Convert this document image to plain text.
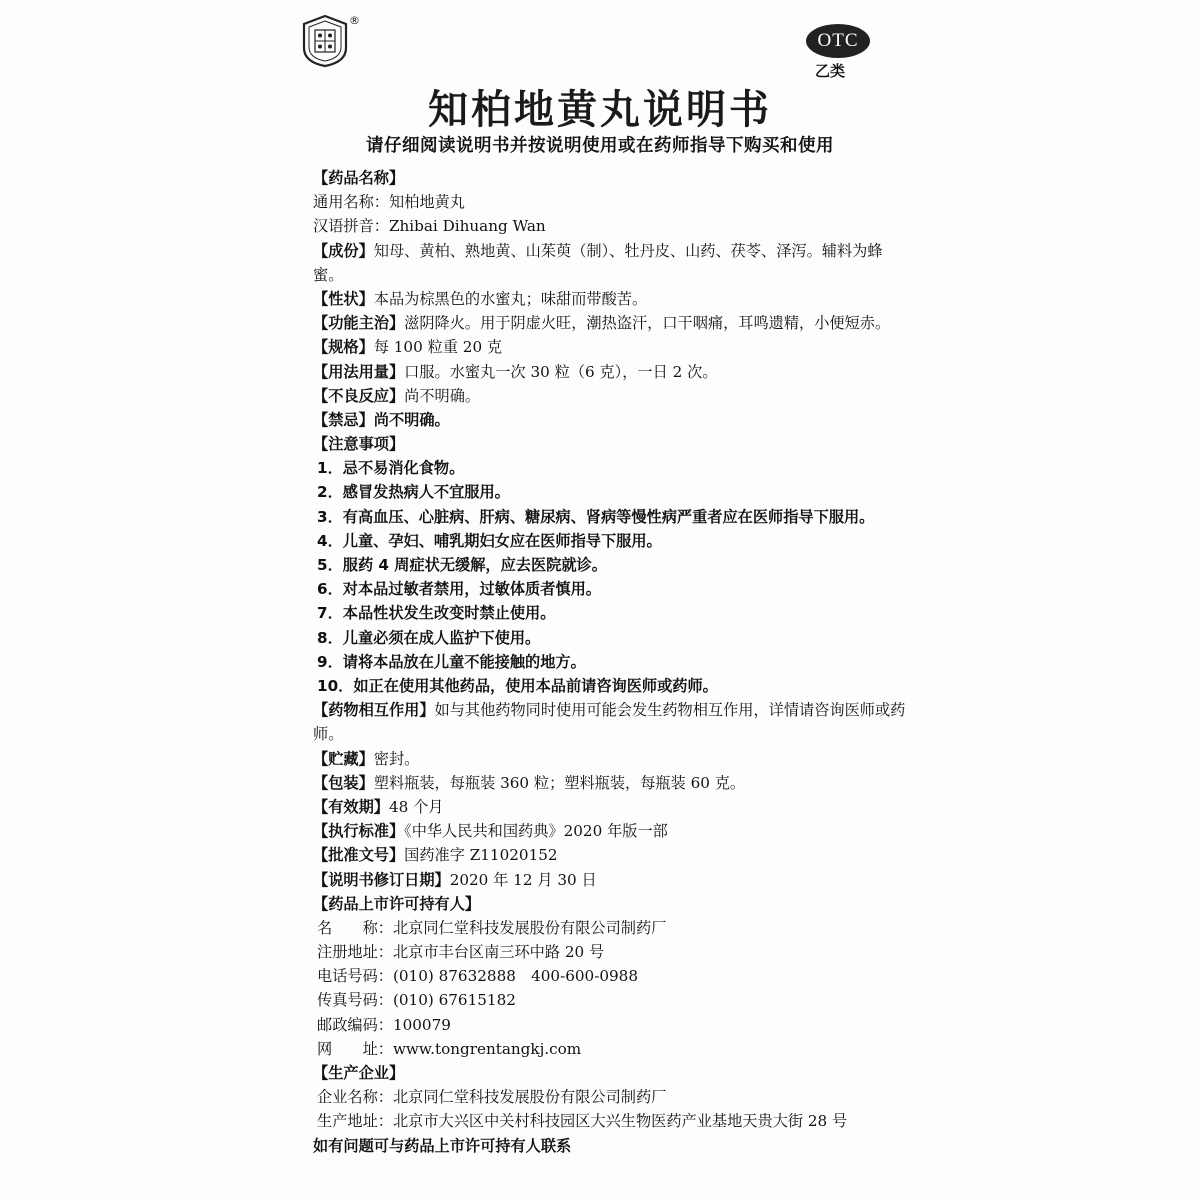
®
OTC
乙类
知柏地黄丸说明书
请仔细阅读说明书并按说明使用或在药师指导下购买和使用
【药品名称】
通用名称：知柏地黄丸
汉语拼音：Zhibai Dihuang Wan
【成份】知母、黄柏、熟地黄、山茱萸（制）、牡丹皮、山药、茯苓、泽泻。辅料为蜂蜜。
【性状】本品为棕黑色的水蜜丸；味甜而带酸苦。
【功能主治】滋阴降火。用于阴虚火旺，潮热盗汗，口干咽痛，耳鸣遗精，小便短赤。
【规格】每 100 粒重 20 克
【用法用量】口服。水蜜丸一次 30 粒（6 克），一日 2 次。
【不良反应】尚不明确。
【禁忌】尚不明确。
【注意事项】
1．忌不易消化食物。
2．感冒发热病人不宜服用。
3．有高血压、心脏病、肝病、糖尿病、肾病等慢性病严重者应在医师指导下服用。
4．儿童、孕妇、哺乳期妇女应在医师指导下服用。
5．服药 4 周症状无缓解，应去医院就诊。
6．对本品过敏者禁用，过敏体质者慎用。
7．本品性状发生改变时禁止使用。
8．儿童必须在成人监护下使用。
9．请将本品放在儿童不能接触的地方。
10．如正在使用其他药品，使用本品前请咨询医师或药师。
【药物相互作用】如与其他药物同时使用可能会发生药物相互作用，详情请咨询医师或药师。
【贮藏】密封。
【包装】塑料瓶装，每瓶装 360 粒；塑料瓶装，每瓶装 60 克。
【有效期】48 个月
【执行标准】《中华人民共和国药典》2020 年版一部
【批准文号】国药准字 Z11020152
【说明书修订日期】2020 年 12 月 30 日
【药品上市许可持有人】
名　　称：北京同仁堂科技发展股份有限公司制药厂
注册地址：北京市丰台区南三环中路 20 号
电话号码：(010) 87632888　400-600-0988
传真号码：(010) 67615182
邮政编码：100079
网　　址：www.tongrentangkj.com
【生产企业】
企业名称：北京同仁堂科技发展股份有限公司制药厂
生产地址：北京市大兴区中关村科技园区大兴生物医药产业基地天贵大街 28 号
如有问题可与药品上市许可持有人联系
